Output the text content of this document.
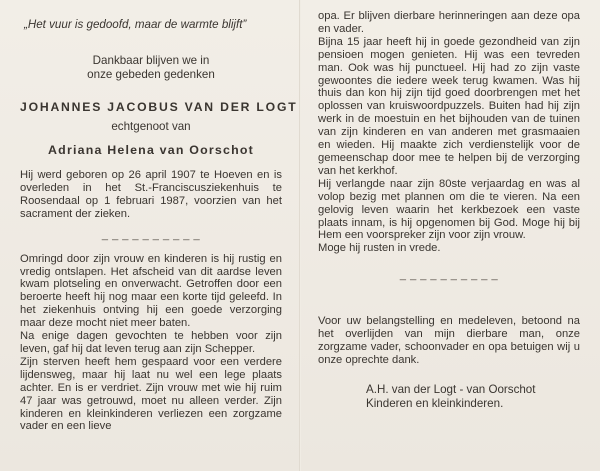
„Het vuur is gedoofd, maar de warmte blijft”
Dankbaar blijven we in
onze gebeden gedenken
JOHANNES JACOBUS VAN DER LOGT
echtgenoot van
Adriana Helena van Oorschot

Hij werd geboren op 26 april 1907 te Hoeven en is overleden in het St.-Franciscusziekenhuis te Roosendaal op 1 februari 1987, voorzien van het sacrament der zieken.

_ _ _ _ _ _ _ _ _ _

Omringd door zijn vrouw en kinderen is hij rustig en vredig ontslapen. Het afscheid van dit aardse leven kwam plotseling en onverwacht. Getroffen door een beroerte heeft hij nog maar een korte tijd geleefd. In het ziekenhuis ontving hij een goede verzorging maar deze mocht niet meer baten.

Na enige dagen gevochten te hebben voor zijn leven, gaf hij dat leven terug aan zijn Schepper.

Zijn sterven heeft hem gespaard voor een verdere lijdensweg, maar hij laat nu wel een lege plaats achter. En is er verdriet. Zijn vrouw met wie hij ruim 47 jaar was getrouwd, moet nu alleen verder. Zijn kinderen en kleinkinderen verliezen een zorgzame vader en een lieve

opa. Er blijven dierbare herinneringen aan deze opa en vader.

Bijna 15 jaar heeft hij in goede gezondheid van zijn pensioen mogen genieten. Hij was een tevreden man. Ook was hij punctueel. Hij had zo zijn vaste gewoontes die iedere week terug kwamen. Was hij thuis dan kon hij zijn tijd goed doorbrengen met het oplossen van kruiswoordpuzzels. Buiten had hij zijn werk in de moestuin en het bijhouden van de tuinen van zijn kinderen en van anderen met grasmaaien en wieden. Hij maakte zich verdienstelijk voor de gemeenschap door mee te helpen bij de verzorging van het kerkhof.

Hij verlangde naar zijn 80ste verjaardag en was al volop bezig met plannen om die te vieren. Na een gelovig leven waarin het kerkbezoek een vaste plaats innam, is hij opgenomen bij God. Moge hij bij Hem een voorspreker zijn voor zijn vrouw.

Moge hij rusten in vrede.

_ _ _ _ _ _ _ _ _ _

Voor uw belangstelling en medeleven, betoond na het overlijden van mijn dierbare man, onze zorgzame vader, schoonvader en opa betuigen wij u onze oprechte dank.

A.H. van der Logt - van Oorschot
Kinderen en kleinkinderen.
